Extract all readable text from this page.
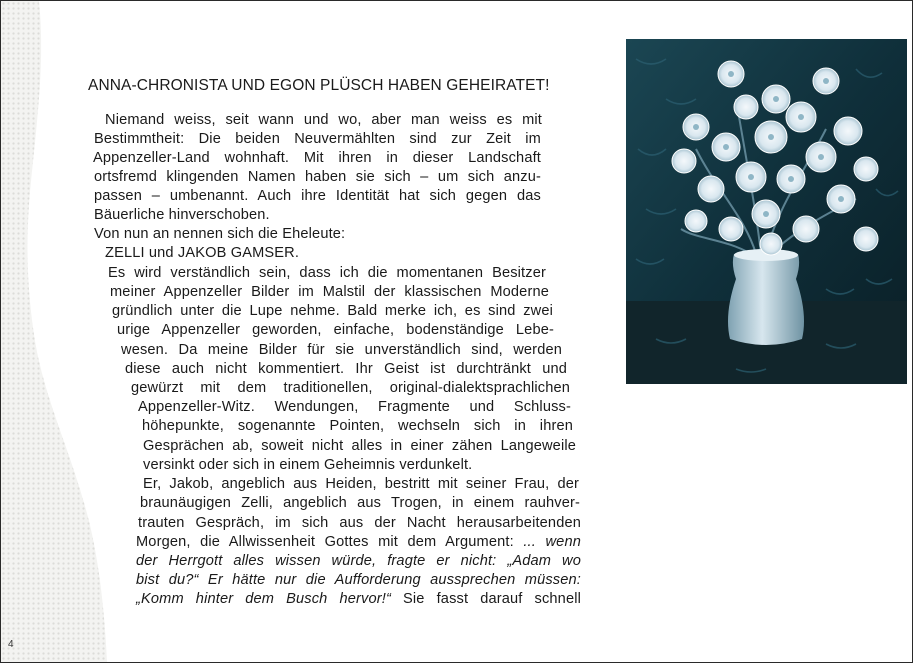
ANNA-CHRONISTA UND EGON PLÜSCH HABEN GEHEIRATET!
Niemand weiss, seit wann und wo, aber man weiss es mit
Bestimmtheit: Die beiden Neuvermählten sind zur Zeit im
Appenzeller-Land wohnhaft. Mit ihren in dieser Landschaft
ortsfremd klingenden Namen haben sie sich – um sich anzu-
passen – umbenannt. Auch ihre Identität hat sich gegen das
Bäuerliche hinverschoben.
Von nun an nennen sich die Eheleute:
ZELLI und JAKOB GAMSER.
Es wird verständlich sein, dass ich die momentanen Besitzer
meiner Appenzeller Bilder im Malstil der klassischen Moderne
gründlich unter die Lupe nehme. Bald merke ich, es sind zwei
urige Appenzeller geworden, einfache, bodenständige Lebe-
wesen. Da meine Bilder für sie unverständlich sind, werden
diese auch nicht kommentiert. Ihr Geist ist durchtränkt und
gewürzt mit dem traditionellen, original-dialektsprachlichen
Appenzeller-Witz. Wendungen, Fragmente und Schluss-
höhepunkte, sogenannte Pointen, wechseln sich in ihren
Gesprächen ab, soweit nicht alles in einer zähen Langeweile
versinkt oder sich in einem Geheimnis verdunkelt.
Er, Jakob, angeblich aus Heiden, bestritt mit seiner Frau, der
braunäugigen Zelli, angeblich aus Trogen, in einem rauhver-
trauten Gespräch, im sich aus der Nacht herausarbeitenden
Morgen, die Allwissenheit Gottes mit dem Argument: ... wenn
der Herrgott alles wissen würde, fragte er nicht: „Adam wo
bist du?“ Er hätte nur die Aufforderung aussprechen müssen:
„Komm hinter dem Busch hervor!“ Sie fasst darauf schnell
4
